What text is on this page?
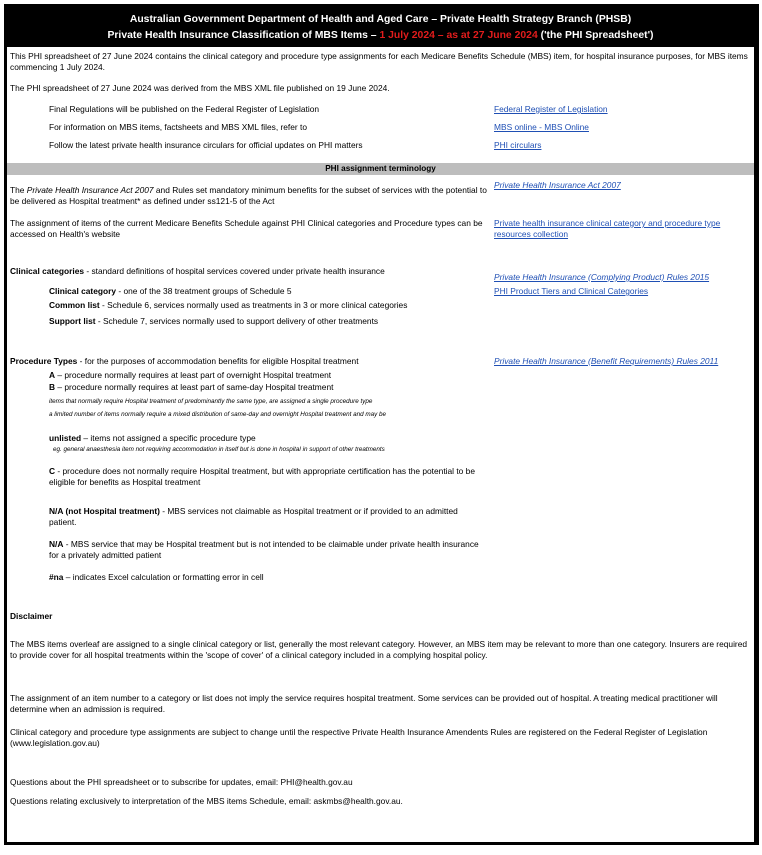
Australian Government Department of Health and Aged Care – Private Health Strategy Branch (PHSB)
Private Health Insurance Classification of MBS Items – 1 July 2024 – as at 27 June 2024 ('the PHI Spreadsheet')
This PHI spreadsheet of 27 June 2024 contains the clinical category and procedure type assignments for each Medicare Benefits Schedule (MBS) item, for hospital insurance purposes, for MBS items commencing 1 July 2024.
The PHI spreadsheet of 27 June 2024 was derived from the MBS XML file published on 19 June 2024.
Final Regulations will be published on the Federal Register of Legislation	Federal Register of Legislation
For information on MBS items, factsheets and MBS XML files, refer to	MBS online - MBS Online
Follow the latest private health insurance circulars for official updates on PHI matters	PHI circulars
PHI assignment terminology
The Private Health Insurance Act 2007 and Rules set mandatory minimum benefits for the subset of services with the potential to be delivered as Hospital treatment* as defined under ss121-5 of the Act
Private Health Insurance Act 2007
The assignment of items of the current Medicare Benefits Schedule against PHI Clinical categories and Procedure types can be accessed on Health's website
Private health insurance clinical category and procedure type resources collection
Clinical categories - standard definitions of hospital services covered under private health insurance
Private Health Insurance (Complying Product) Rules 2015
PHI Product Tiers and Clinical Categories
Clinical category - one of the 38 treatment groups of Schedule 5
Common list - Schedule 6, services normally used as treatments in 3 or more clinical categories
Support list - Schedule 7, services normally used to support delivery of other treatments
Procedure Types - for the purposes of accommodation benefits for eligible Hospital treatment	Private Health Insurance (Benefit Requirements) Rules 2011
A – procedure normally requires at least part of overnight Hospital treatment
B – procedure normally requires at least part of same-day Hospital treatment
items that normally require Hospital treatment of predominantly the same type, are assigned a single procedure type
a limited number of items normally require a mixed distribution of same-day and overnight Hospital treatment and may be
unlisted – items not assigned a specific procedure type
eg. general anaesthesia item not requiring accommodation in itself but is done in hospital in support of other treatments
C - procedure does not normally require Hospital treatment, but with appropriate certification has the potential to be eligible for benefits as Hospital treatment
N/A (not Hospital treatment) - MBS services not claimable as Hospital treatment or if provided to an admitted patient.
N/A - MBS service that may be Hospital treatment but is not intended to be claimable under private health insurance for a privately admitted patient
#na – indicates Excel calculation or formatting error in cell
Disclaimer
The MBS items overleaf are assigned to a single clinical category or list, generally the most relevant category. However, an MBS item may be relevant to more than one category. Insurers are required to provide cover for all hospital treatments within the 'scope of cover' of a clinical category included in a complying hospital policy.
The assignment of an item number to a category or list does not imply the service requires hospital treatment. Some services can be provided out of hospital. A treating medical practitioner will determine when an admission is required.
Clinical category and procedure type assignments are subject to change until the respective Private Health Insurance Amendents Rules are registered on the Federal Register of Legislation (www.legislation.gov.au)
Questions about the PHI spreadsheet or to subscribe for updates, email: PHI@health.gov.au
Questions relating exclusively to interpretation of the MBS items Schedule, email: askmbs@health.gov.au.
